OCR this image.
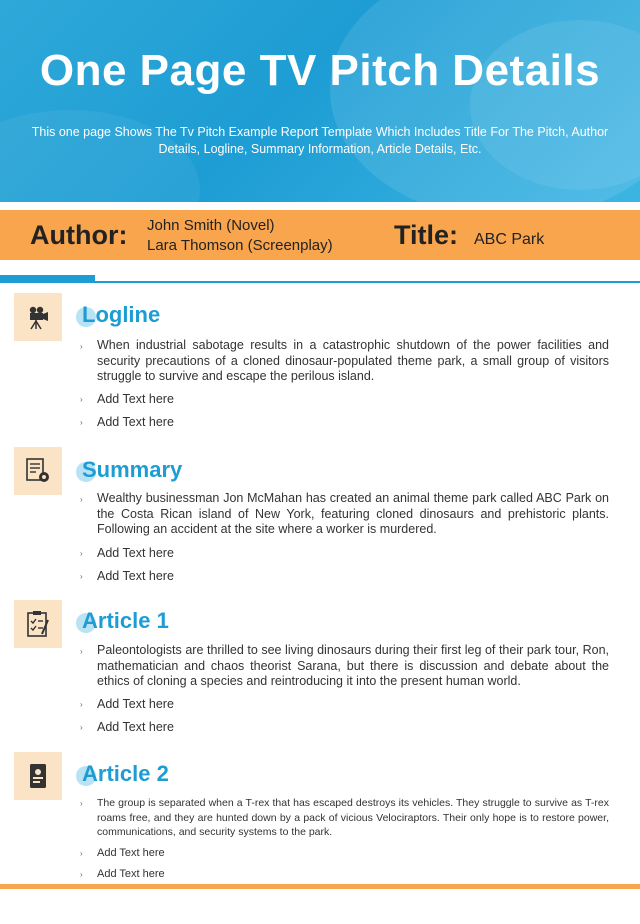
One Page TV Pitch Details

This one page Shows The Tv Pitch Example Report Template Which Includes Title For The Pitch, Author Details, Logline, Summary Information, Article Details, Etc.

Author: John Smith (Novel)
Lara Thomson (Screenplay) Title: ABC Park
Logline
› When industrial sabotage results in a catastrophic shutdown of the power facilities and security precautions of a cloned dinosaur-populated theme park, a small group of visitors struggle to survive and escape the perilous island.
› Add Text here
› Add Text here
Summary
› Wealthy businessman Jon McMahan has created an animal theme park called ABC Park on the Costa Rican island of New York, featuring cloned dinosaurs and prehistoric plants. Following an accident at the site where a worker is murdered.
› Add Text here
› Add Text here
Article 1
› Paleontologists are thrilled to see living dinosaurs during their first leg of their park tour, Ron, mathematician and chaos theorist Sarana, but there is discussion and debate about the ethics of cloning a species and reintroducing it into the present human world.
› Add Text here
› Add Text here
Article 2
› The group is separated when a T-rex that has escaped destroys its vehicles. They struggle to survive as T-rex roams free, and they are hunted down by a pack of vicious Velociraptors. Their only hope is to restore power, communications, and security systems to the park.
› Add Text here
› Add Text here
